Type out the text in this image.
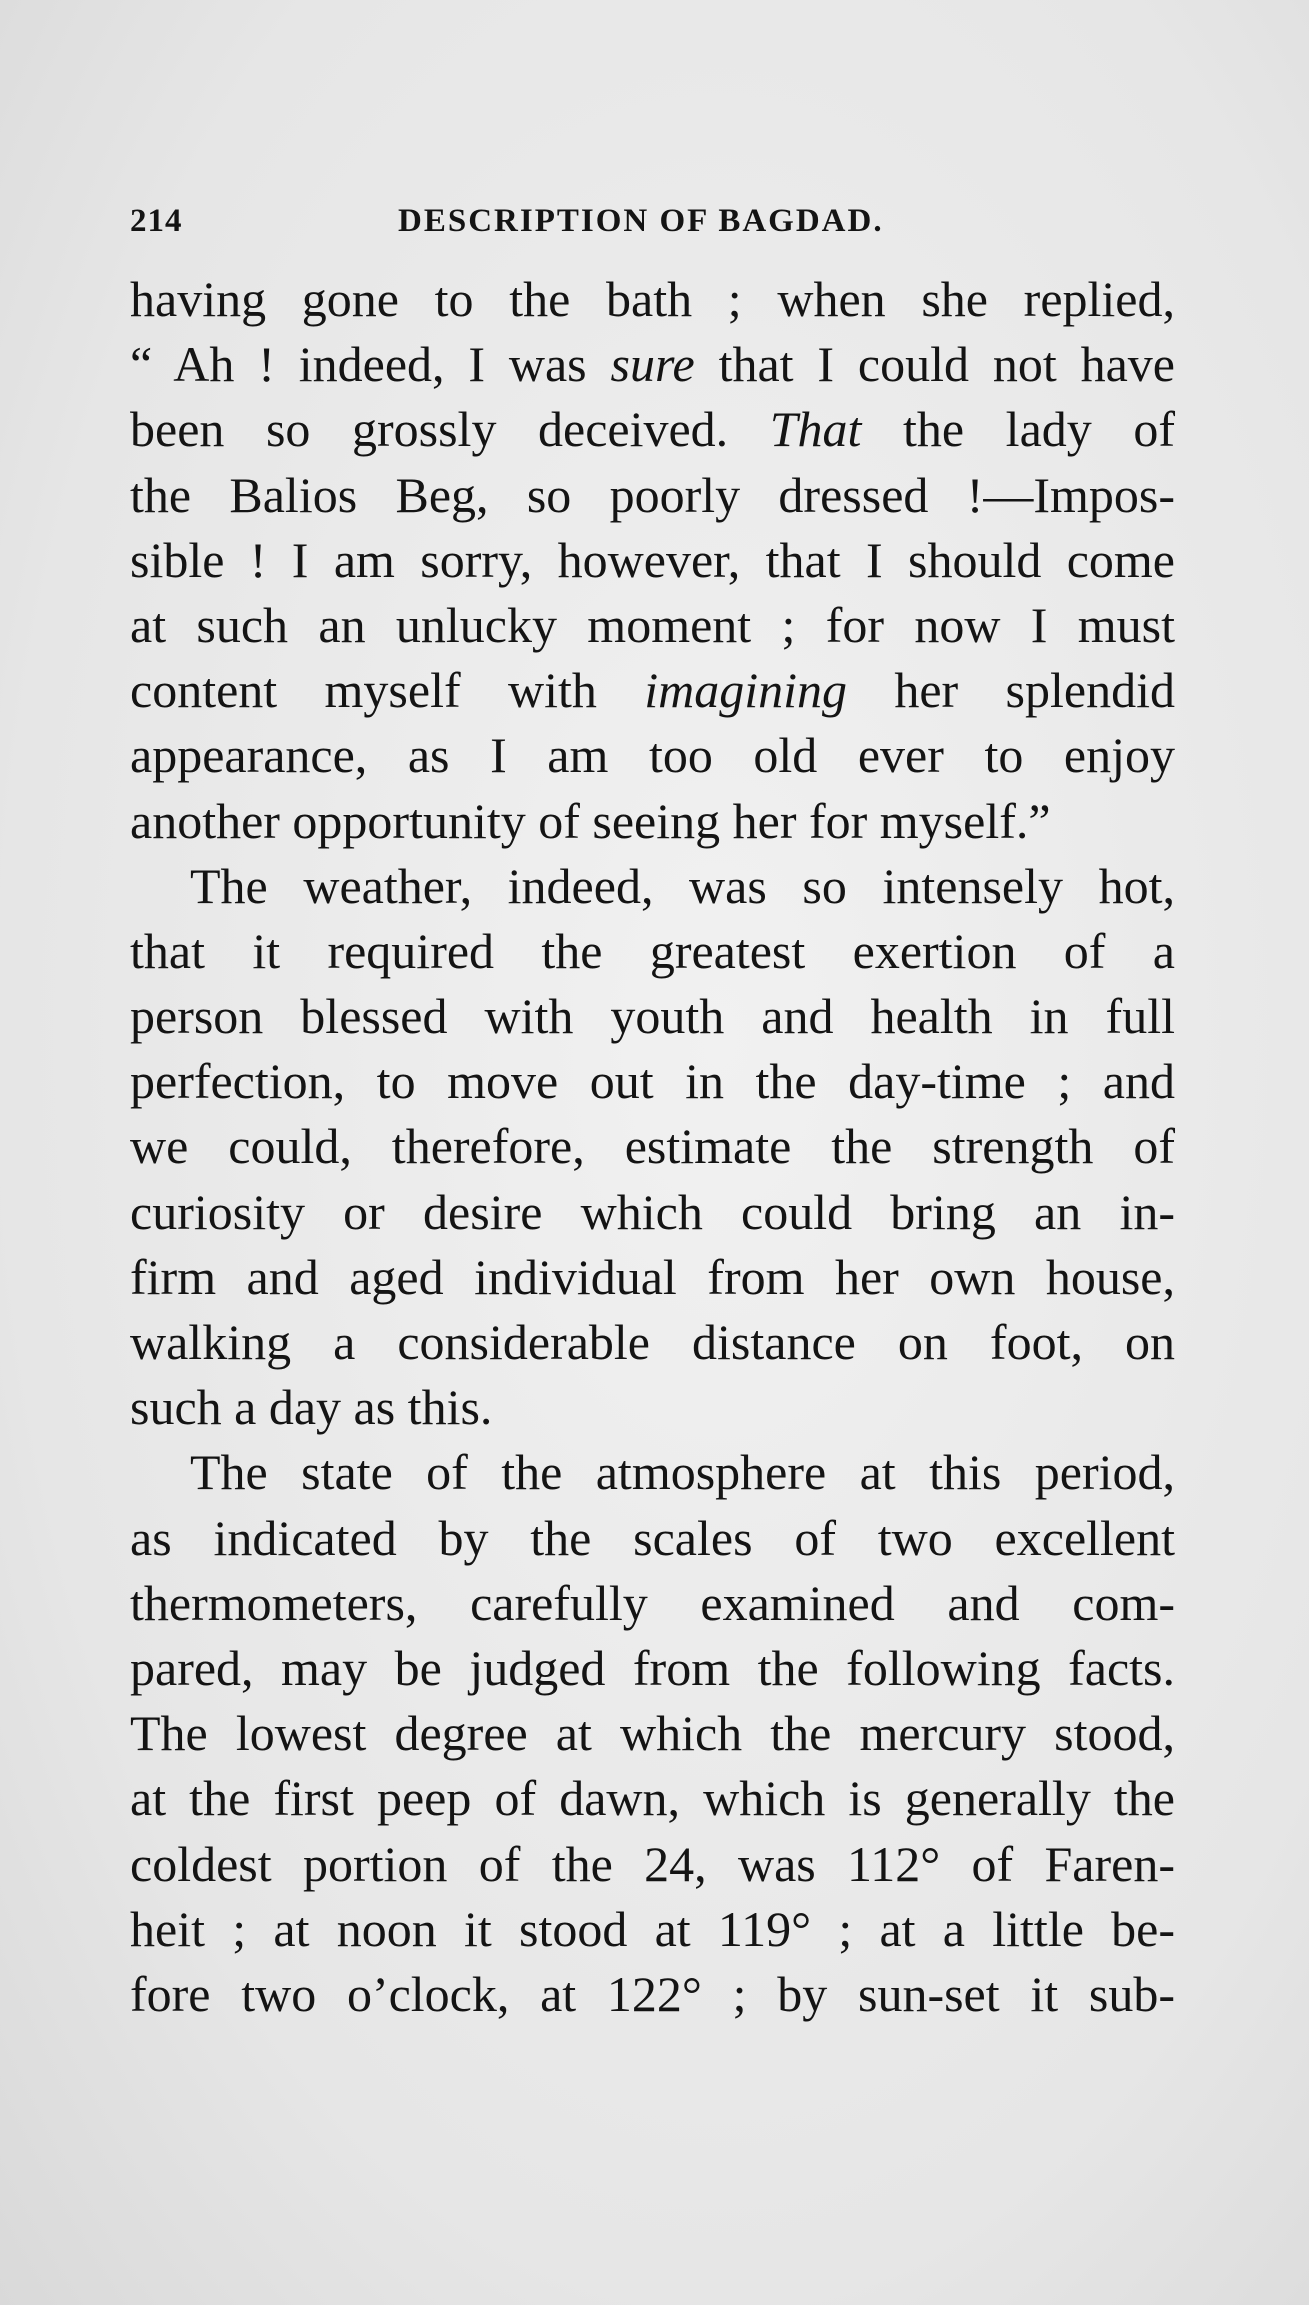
214	DESCRIPTION OF BAGDAD.
having gone to the bath ; when she replied,
“ Ah ! indeed, I was sure that I could not have
been so grossly deceived. That the lady of
the Balios Beg, so poorly dressed !—Impos-
sible ! I am sorry, however, that I should come
at such an unlucky moment ; for now I must
content myself with imagining her splendid
appearance, as I am too old ever to enjoy
another opportunity of seeing her for myself.”
The weather, indeed, was so intensely hot,
that it required the greatest exertion of a
person blessed with youth and health in full
perfection, to move out in the day-time ; and
we could, therefore, estimate the strength of
curiosity or desire which could bring an in-
firm and aged individual from her own house,
walking a considerable distance on foot, on
such a day as this.
The state of the atmosphere at this period,
as indicated by the scales of two excellent
thermometers, carefully examined and com-
pared, may be judged from the following facts.
The lowest degree at which the mercury stood,
at the first peep of dawn, which is generally the
coldest portion of the 24, was 112° of Faren-
heit ; at noon it stood at 119° ; at a little be-
fore two o’clock, at 122° ; by sun-set it sub-
